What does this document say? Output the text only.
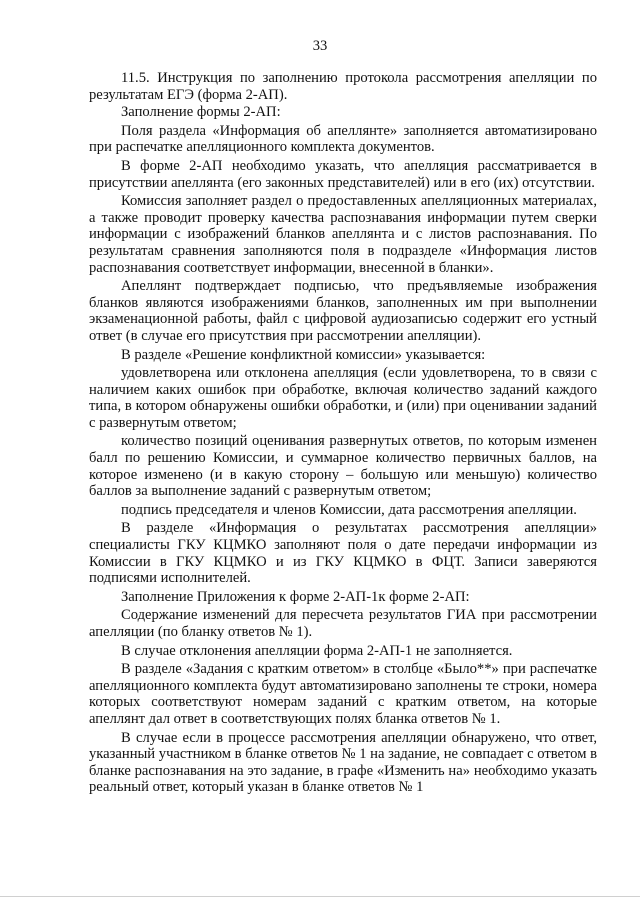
33

11.5. Инструкция по заполнению протокола рассмотрения апелляции по результатам ЕГЭ (форма 2-АП).

Заполнение формы 2-АП:

Поля раздела «Информация об апеллянте» заполняется автоматизировано при распечатке апелляционного комплекта документов.

В форме 2-АП необходимо указать, что апелляция рассматривается в присутствии апеллянта (его законных представителей) или в его (их) отсутствии.

Комиссия заполняет раздел о предоставленных апелляционных материалах, а также проводит проверку качества распознавания информации путем сверки информации с изображений бланков апеллянта и с листов распознавания. По результатам сравнения заполняются поля в подразделе «Информация листов распознавания соответствует информации, внесенной в бланки».

Апеллянт подтверждает подписью, что предъявляемые изображения бланков являются изображениями бланков, заполненных им при выполнении экзаменационной работы, файл с цифровой аудиозаписью содержит его устный ответ (в случае его присутствия при рассмотрении апелляции).

В разделе «Решение конфликтной комиссии» указывается:

удовлетворена или отклонена апелляция (если удовлетворена, то в связи с наличием каких ошибок при обработке, включая количество заданий каждого типа, в котором обнаружены ошибки обработки, и (или) при оценивании заданий с развернутым ответом;

количество позиций оценивания развернутых ответов, по которым изменен балл по решению Комиссии, и суммарное количество первичных баллов, на которое изменено (и в какую сторону – большую или меньшую) количество баллов за выполнение заданий с развернутым ответом;

подпись председателя и членов Комиссии, дата рассмотрения апелляции.

В разделе «Информация о результатах рассмотрения апелляции» специалисты ГКУ КЦМКО заполняют поля о дате передачи информации из Комиссии в ГКУ КЦМКО и из ГКУ КЦМКО в ФЦТ. Записи заверяются подписями исполнителей.

Заполнение Приложения к форме 2-АП-1к форме 2-АП:

Содержание изменений для пересчета результатов ГИА при рассмотрении апелляции (по бланку ответов № 1).

В случае отклонения апелляции форма 2-АП-1 не заполняется.

В разделе «Задания с кратким ответом» в столбце «Было**» при распечатке апелляционного комплекта будут автоматизировано заполнены те строки, номера которых соответствуют номерам заданий с кратким ответом, на которые апеллянт дал ответ в соответствующих полях бланка ответов № 1.

В случае если в процессе рассмотрения апелляции обнаружено, что ответ, указанный участником в бланке ответов № 1 на задание, не совпадает с ответом в бланке распознавания на это задание, в графе «Изменить на» необходимо указать реальный ответ, который указан в бланке ответов № 1
